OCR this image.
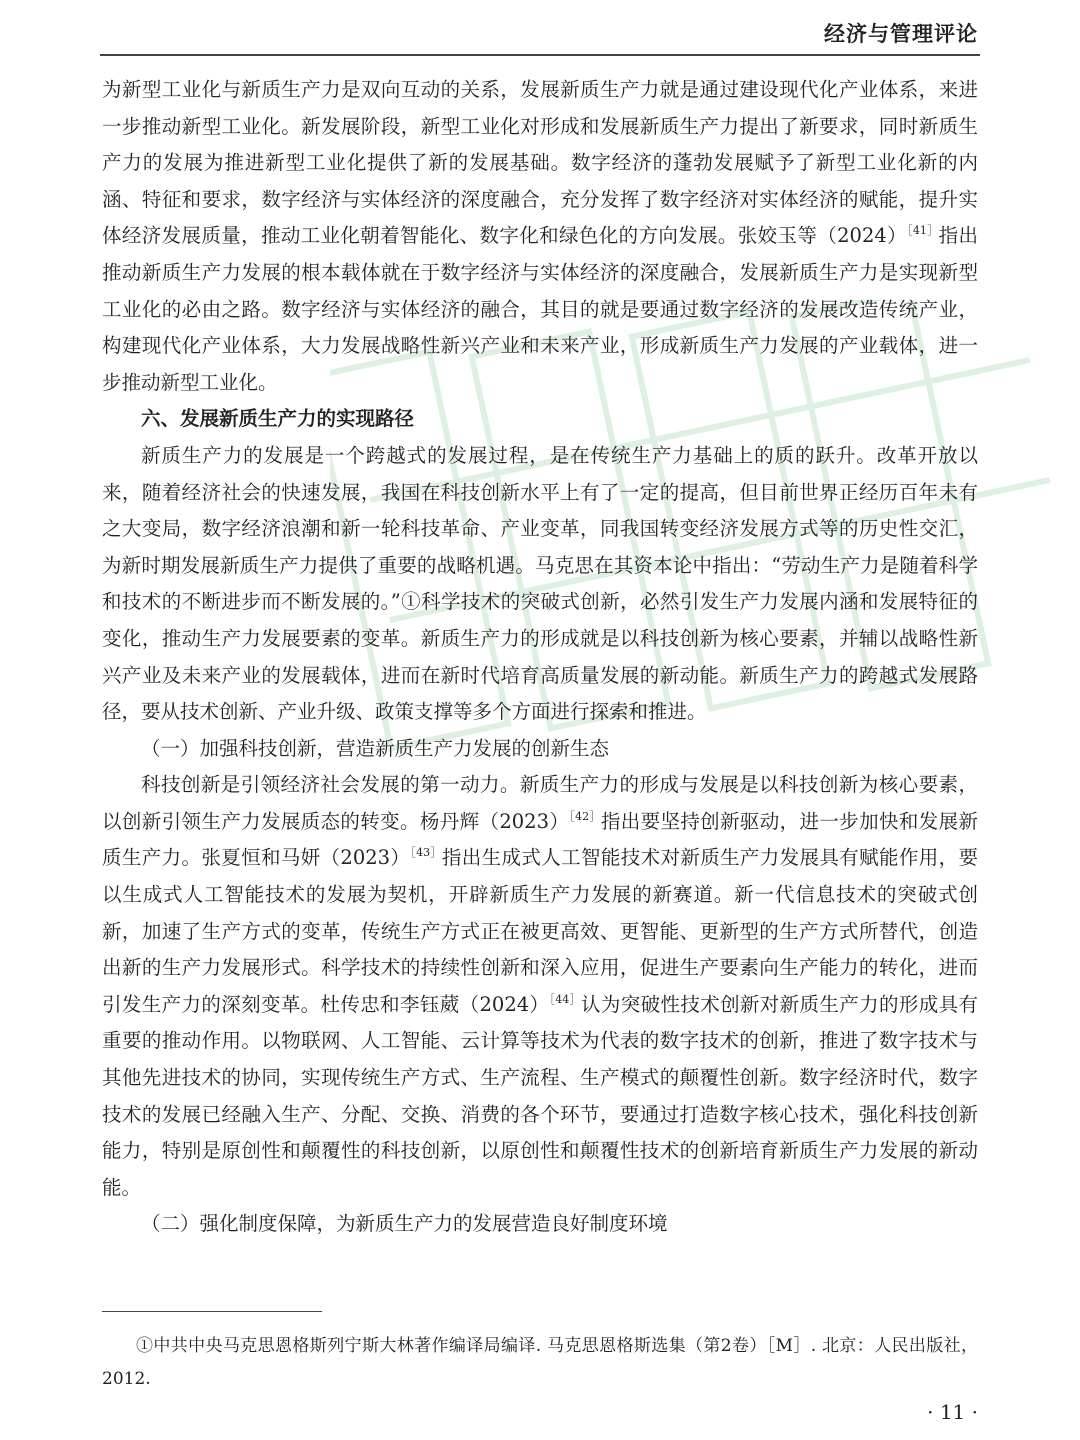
经济与管理评论

为新型工业化与新质生产力是双向互动的关系，发展新质生产力就是通过建设现代化产业体系，来进一步推动新型工业化。新发展阶段，新型工业化对形成和发展新质生产力提出了新要求，同时新质生产力的发展为推进新型工业化提供了新的发展基础。数字经济的蓬勃发展赋予了新型工业化新的内涵、特征和要求，数字经济与实体经济的深度融合，充分发挥了数字经济对实体经济的赋能，提升实体经济发展质量，推动工业化朝着智能化、数字化和绿色化的方向发展。张姣玉等$(2024)^{[41]}$指出推动新质生产力发展的根本载体就在于数字经济与实体经济的深度融合，发展新质生产力是实现新型工业化的必由之路。数字经济与实体经济的融合，其目的就是要通过数字经济的发展改造传统产业，构建现代化产业体系，大力发展战略性新兴产业和未来产业，形成新质生产力发展的产业载体，进一步推动新型工业化。

六、发展新质生产力的实现路径

新质生产力的发展是一个跨越式的发展过程，是在传统生产力基础上的质的跃升。改革开放以来，随着经济社会的快速发展，我国在科技创新水平上有了一定的提高，但目前世界正经历百年未有之大变局，数字经济浪潮和新一轮科技革命、产业变革，同我国转变经济发展方式等的历史性交汇，为新时期发展新质生产力提供了重要的战略机遇。马克思在其资本论中指出：“劳动生产力是随着科学和技术的不断进步而不断发展的。”①科学技术的突破式创新，必然引发生产力发展内涵和发展特征的变化，推动生产力发展要素的变革。新质生产力的形成就是以科技创新为核心要素，并辅以战略性新兴产业及未来产业的发展载体，进而在新时代培育高质量发展的新动能。新质生产力的跨越式发展路径，要从技术创新、产业升级、政策支撑等多个方面进行探索和推进。

（一）加强科技创新，营造新质生产力发展的创新生态

科技创新是引领经济社会发展的第一动力。新质生产力的形成与发展是以科技创新为核心要素，以创新引领生产力发展质态的转变。杨丹辉$(2023)^{[42]}$指出要坚持创新驱动，进一步加快和发展新质生产力。张夏恒和马妍$(2023)^{[43]}$指出生成式人工智能技术对新质生产力发展具有赋能作用，要以生成式人工智能技术的发展为契机，开辟新质生产力发展的新赛道。新一代信息技术的突破式创新，加速了生产方式的变革，传统生产方式正在被更高效、更智能、更新型的生产方式所替代，创造出新的生产力发展形式。科学技术的持续性创新和深入应用，促进生产要素向生产能力的转化，进而引发生产力的深刻变革。杜传忠和李钰葳$(2024)^{[44]}$认为突破性技术创新对新质生产力的形成具有重要的推动作用。以物联网、人工智能、云计算等技术为代表的数字技术的创新，推进了数字技术与其他先进技术的协同，实现传统生产方式、生产流程、生产模式的颠覆性创新。数字经济时代，数字技术的发展已经融入生产、分配、交换、消费的各个环节，要通过打造数字核心技术，强化科技创新能力，特别是原创性和颠覆性的科技创新，以原创性和颠覆性技术的创新培育新质生产力发展的新动能。

（二）强化制度保障，为新质生产力的发展营造良好制度环境
①中共中央马克思恩格斯列宁斯大林著作编译局编译. 马克思恩格斯选集（第2卷）［M］. 北京：人民出版社，2012.
· 11 ·
